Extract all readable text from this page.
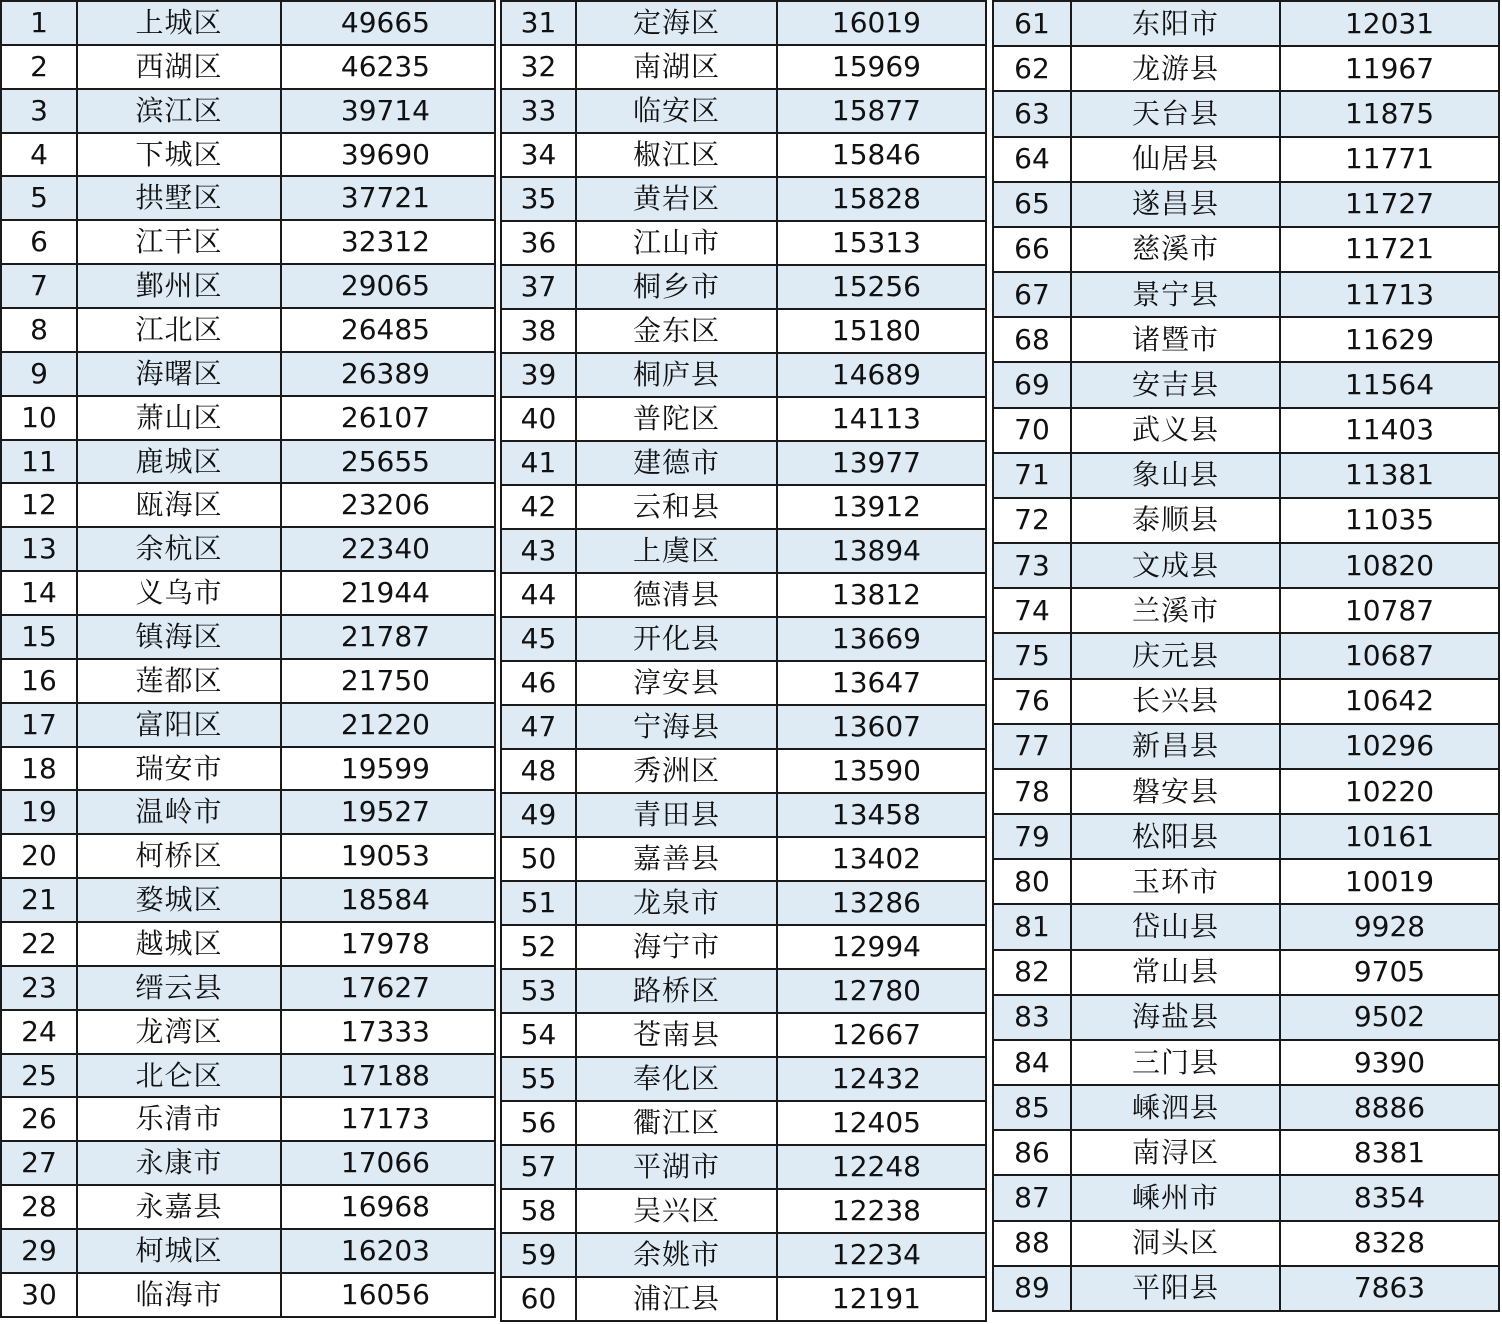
1	上城区	49665
2	西湖区	46235
3	滨江区	39714
4	下城区	39690
5	拱墅区	37721
6	江干区	32312
7	鄞州区	29065
8	江北区	26485
9	海曙区	26389
10	萧山区	26107
11	鹿城区	25655
12	瓯海区	23206
13	余杭区	22340
14	义乌市	21944
15	镇海区	21787
16	莲都区	21750
17	富阳区	21220
18	瑞安市	19599
19	温岭市	19527
20	柯桥区	19053
21	婺城区	18584
22	越城区	17978
23	缙云县	17627
24	龙湾区	17333
25	北仑区	17188
26	乐清市	17173
27	永康市	17066
28	永嘉县	16968
29	柯城区	16203
30	临海市	16056
31	定海区	16019
32	南湖区	15969
33	临安区	15877
34	椒江区	15846
35	黄岩区	15828
36	江山市	15313
37	桐乡市	15256
38	金东区	15180
39	桐庐县	14689
40	普陀区	14113
41	建德市	13977
42	云和县	13912
43	上虞区	13894
44	德清县	13812
45	开化县	13669
46	淳安县	13647
47	宁海县	13607
48	秀洲区	13590
49	青田县	13458
50	嘉善县	13402
51	龙泉市	13286
52	海宁市	12994
53	路桥区	12780
54	苍南县	12667
55	奉化区	12432
56	衢江区	12405
57	平湖市	12248
58	吴兴区	12238
59	余姚市	12234
60	浦江县	12191
61	东阳市	12031
62	龙游县	11967
63	天台县	11875
64	仙居县	11771
65	遂昌县	11727
66	慈溪市	11721
67	景宁县	11713
68	诸暨市	11629
69	安吉县	11564
70	武义县	11403
71	象山县	11381
72	泰顺县	11035
73	文成县	10820
74	兰溪市	10787
75	庆元县	10687
76	长兴县	10642
77	新昌县	10296
78	磐安县	10220
79	松阳县	10161
80	玉环市	10019
81	岱山县	9928
82	常山县	9705
83	海盐县	9502
84	三门县	9390
85	嵊泗县	8886
86	南浔区	8381
87	嵊州市	8354
88	洞头区	8328
89	平阳县	7863
